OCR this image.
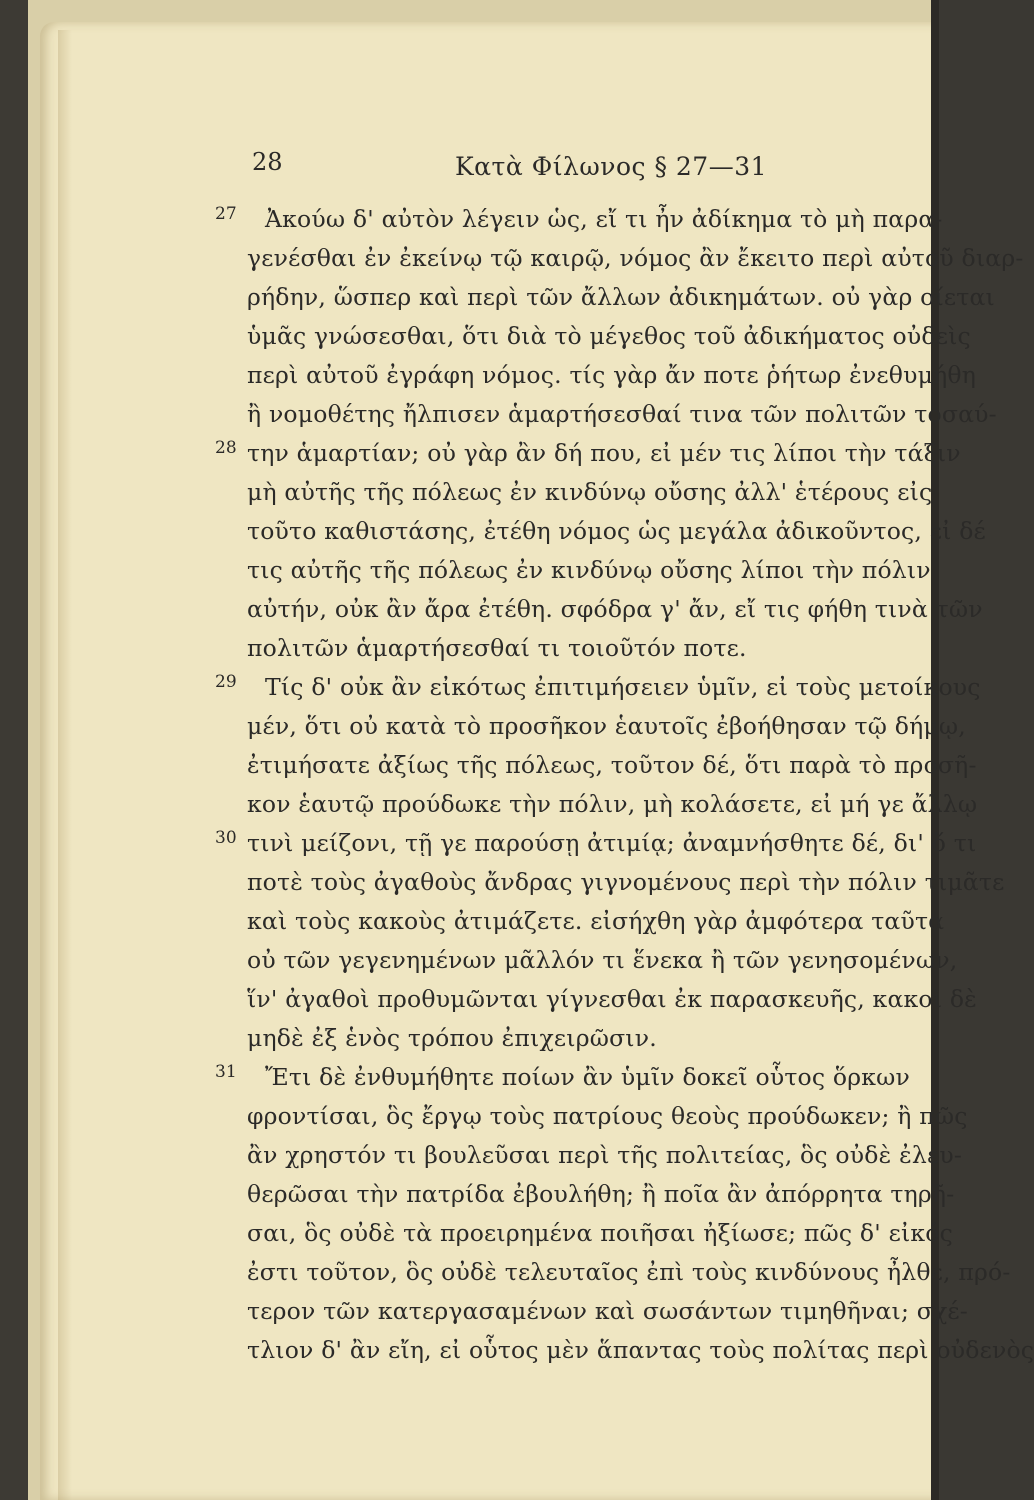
28	Κατὰ Φίλωνος § 27—31
27	Ἀκούω δ' αὐτὸν λέγειν ὡς, εἴ τι ἦν ἀδίκημα τὸ μὴ παρα-
γενέσθαι ἐν ἐκείνῳ τῷ καιρῷ, νόμος ἂν ἔκειτο περὶ αὐτοῦ διαρ-
ρήδην, ὥσπερ καὶ περὶ τῶν ἄλλων ἀδικημάτων. οὐ γὰρ οἴεται
ὑμᾶς γνώσεσθαι, ὅτι διὰ τὸ μέγεθος τοῦ ἀδικήματος οὐδεὶς
περὶ αὐτοῦ ἐγράφη νόμος. τίς γὰρ ἄν ποτε ῥήτωρ ἐνεθυμήθη
ἢ νομοθέτης ἤλπισεν ἁμαρτήσεσθαί τινα τῶν πολιτῶν τοσαύ-
28 την ἁμαρτίαν; οὐ γὰρ ἂν δή που, εἰ μέν τις λίποι τὴν τάξιν
μὴ αὐτῆς τῆς πόλεως ἐν κινδύνῳ οὔσης ἀλλ' ἑτέρους εἰς
τοῦτο καθιστάσης, ἐτέθη νόμος ὡς μεγάλα ἀδικοῦντος, εἰ δέ
τις αὐτῆς τῆς πόλεως ἐν κινδύνῳ οὔσης λίποι τὴν πόλιν
αὐτήν, οὐκ ἂν ἄρα ἐτέθη. σφόδρα γ' ἄν, εἴ τις φήθη τινὰ τῶν
πολιτῶν ἁμαρτήσεσθαί τι τοιοῦτόν ποτε.
29	Τίς δ' οὐκ ἂν εἰκότως ἐπιτιμήσειεν ὑμῖν, εἰ τοὺς μετοίκους
μέν, ὅτι οὐ κατὰ τὸ προσῆκον ἑαυτοῖς ἐβοήθησαν τῷ δήμῳ,
ἐτιμήσατε ἀξίως τῆς πόλεως, τοῦτον δέ, ὅτι παρὰ τὸ προσῆ-
κον ἑαυτῷ προύδωκε τὴν πόλιν, μὴ κολάσετε, εἰ μή γε ἄλλῳ
30 τινὶ μείζονι, τῇ γε παρούσῃ ἀτιμίᾳ; ἀναμνήσθητε δέ, δι' ὅ τι
ποτὲ τοὺς ἀγαθοὺς ἄνδρας γιγνομένους περὶ τὴν πόλιν τιμᾶτε
καὶ τοὺς κακοὺς ἀτιμάζετε. εἰσήχθη γὰρ ἀμφότερα ταῦτα
οὐ τῶν γεγενημένων μᾶλλόν τι ἕνεκα ἢ τῶν γενησομένων,
ἵν' ἀγαθοὶ προθυμῶνται γίγνεσθαι ἐκ παρασκευῆς, κακοὶ δὲ
μηδὲ ἐξ ἑνὸς τρόπου ἐπιχειρῶσιν.
31	Ἔτι δὲ ἐνθυμήθητε ποίων ἂν ὑμῖν δοκεῖ οὗτος ὅρκων
φροντίσαι, ὃς ἔργῳ τοὺς πατρίους θεοὺς προύδωκεν; ἢ πῶς
ἂν χρηστόν τι βουλεῦσαι περὶ τῆς πολιτείας, ὃς οὐδὲ ἐλευ-
θερῶσαι τὴν πατρίδα ἐβουλήθη; ἢ ποῖα ἂν ἀπόρρητα τηρῆ-
σαι, ὃς οὐδὲ τὰ προειρημένα ποιῆσαι ἠξίωσε; πῶς δ' εἰκός
ἐστι τοῦτον, ὃς οὐδὲ τελευταῖος ἐπὶ τοὺς κινδύνους ἦλθε, πρό-
τερον τῶν κατεργασαμένων καὶ σωσάντων τιμηθῆναι; σχέ-
τλιον δ' ἂν εἴη, εἰ οὗτος μὲν ἅπαντας τοὺς πολίτας περὶ οὐδενὸς
